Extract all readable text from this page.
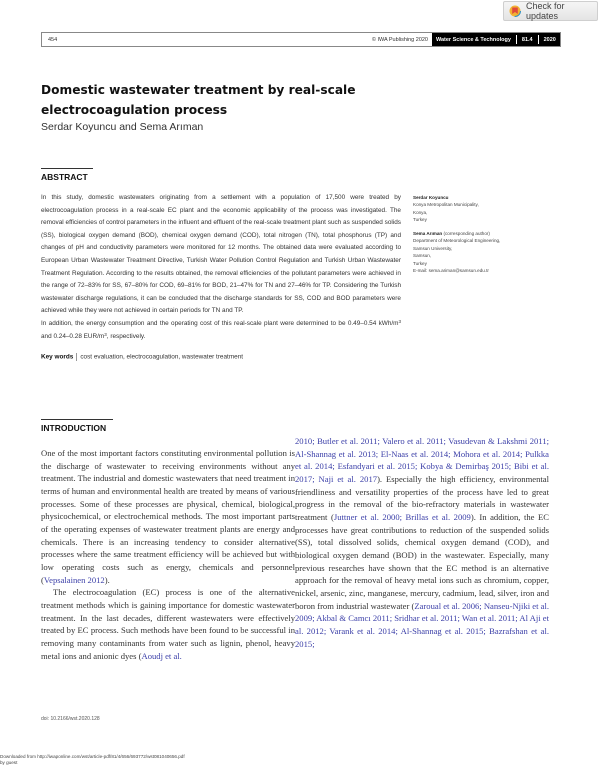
Check for updates
454	© IWA Publishing 2020	Water Science & Technology 81.4 2020
Domestic wastewater treatment by real-scale electrocoagulation process
Serdar Koyuncu and Sema Arıman
ABSTRACT
In this study, domestic wastewaters originating from a settlement with a population of 17,500 were treated by electrocoagulation process in a real-scale EC plant and the economic applicability of the process was investigated. The removal efficiencies of control parameters in the influent and effluent of the real-scale treatment plant such as suspended solids (SS), biological oxygen demand (BOD), chemical oxygen demand (COD), total nitrogen (TN), total phosphorus (TP) and changes of pH and conductivity parameters were monitored for 12 months. The obtained data were evaluated according to European Urban Wastewater Treatment Directive, Turkish Water Pollution Control Regulation and Turkish Urban Wastewater Treatment Regulation. According to the results obtained, the removal efficiencies of the pollutant parameters were achieved in the range of 72–83% for SS, 67–80% for COD, 69–81% for BOD, 21–47% for TN and 27–46% for TP. Considering the Turkish wastewater discharge regulations, it can be concluded that the discharge standards for SS, COD and BOD parameters were achieved while they were not achieved in certain periods for TN and TP.
In addition, the energy consumption and the operating cost of this real-scale plant were determined to be 0.49–0.54 kWh/$m^3$ and 0.24–0.28 EUR/$m^3$, respectively.
Key words cost evaluation, electrocoagulation, wastewater treatment
Serdar Koyuncu
Konya Metropolitan Municipality,
Konya,
Turkey
Sema Arıman (corresponding author)
Department of Meteorological Engineering,
Samsun University,
Samsun,
Turkey
E-mail: sema.ariman@samsun.edu.tr
INTRODUCTION

One of the most important factors constituting environmental pollution is the discharge of wastewater to receiving environments without any treatment. The industrial and domestic wastewaters that need treatment in terms of human and environmental health are treated by means of various processes. Some of these processes are physical, chemical, biological, physicochemical, or electrochemical methods. The most important parts of the operating expenses of wastewater treatment plants are energy and chemicals. There is an increasing tendency to consider alternative processes where the same treatment efficiency will be achieved but with low operating costs such as energy, chemicals and personnel (Vepsalainen 2012).

The electrocoagulation (EC) process is one of the alternative treatment methods which is gaining importance for domestic wastewater treatment. In the last decades, different wastewaters were effectively treated by EC process. Such methods have been found to be successful in removing many contaminants from water such as lignin, phenol, heavy metal ions and anionic dyes (Aoudj et al.

2010; Butler et al. 2011; Valero et al. 2011; Vasudevan & Lakshmi 2011; Al-Shannag et al. 2013; El-Naas et al. 2014; Mohora et al. 2014; Pulkka et al. 2014; Esfandyari et al. 2015; Kobya & Demirbaş 2015; Bibi et al. 2017; Naji et al. 2017). Especially the high efficiency, environmental friendliness and versatility properties of the process have led to great progress in the removal of the bio-refractory materials in wastewater treatment (Juttner et al. 2000; Brillas et al. 2009). In addition, the EC processes have great contributions to reduction of the suspended solids (SS), total dissolved solids, chemical oxygen demand (COD), and biological oxygen demand (BOD) in the wastewater. Especially, many previous researches have shown that the EC method is an alternative approach for the removal of heavy metal ions such as chromium, copper, nickel, arsenic, zinc, manganese, mercury, cadmium, lead, silver, iron and boron from industrial wastewater (Zaroual et al. 2006; Nanseu-Njiki et al. 2009; Akbal & Camcı 2011; Sridhar et al. 2011; Wan et al. 2011; Al Aji et al. 2012; Varank et al. 2014; Al-Shannag et al. 2015; Bazrafshan et al. 2015;

doi: 10.2166/wst.2020.128
Downloaded from http://iwaponline.com/wst/article-pdf/81/4/656/693772/wst081040656.pdf
by guest
